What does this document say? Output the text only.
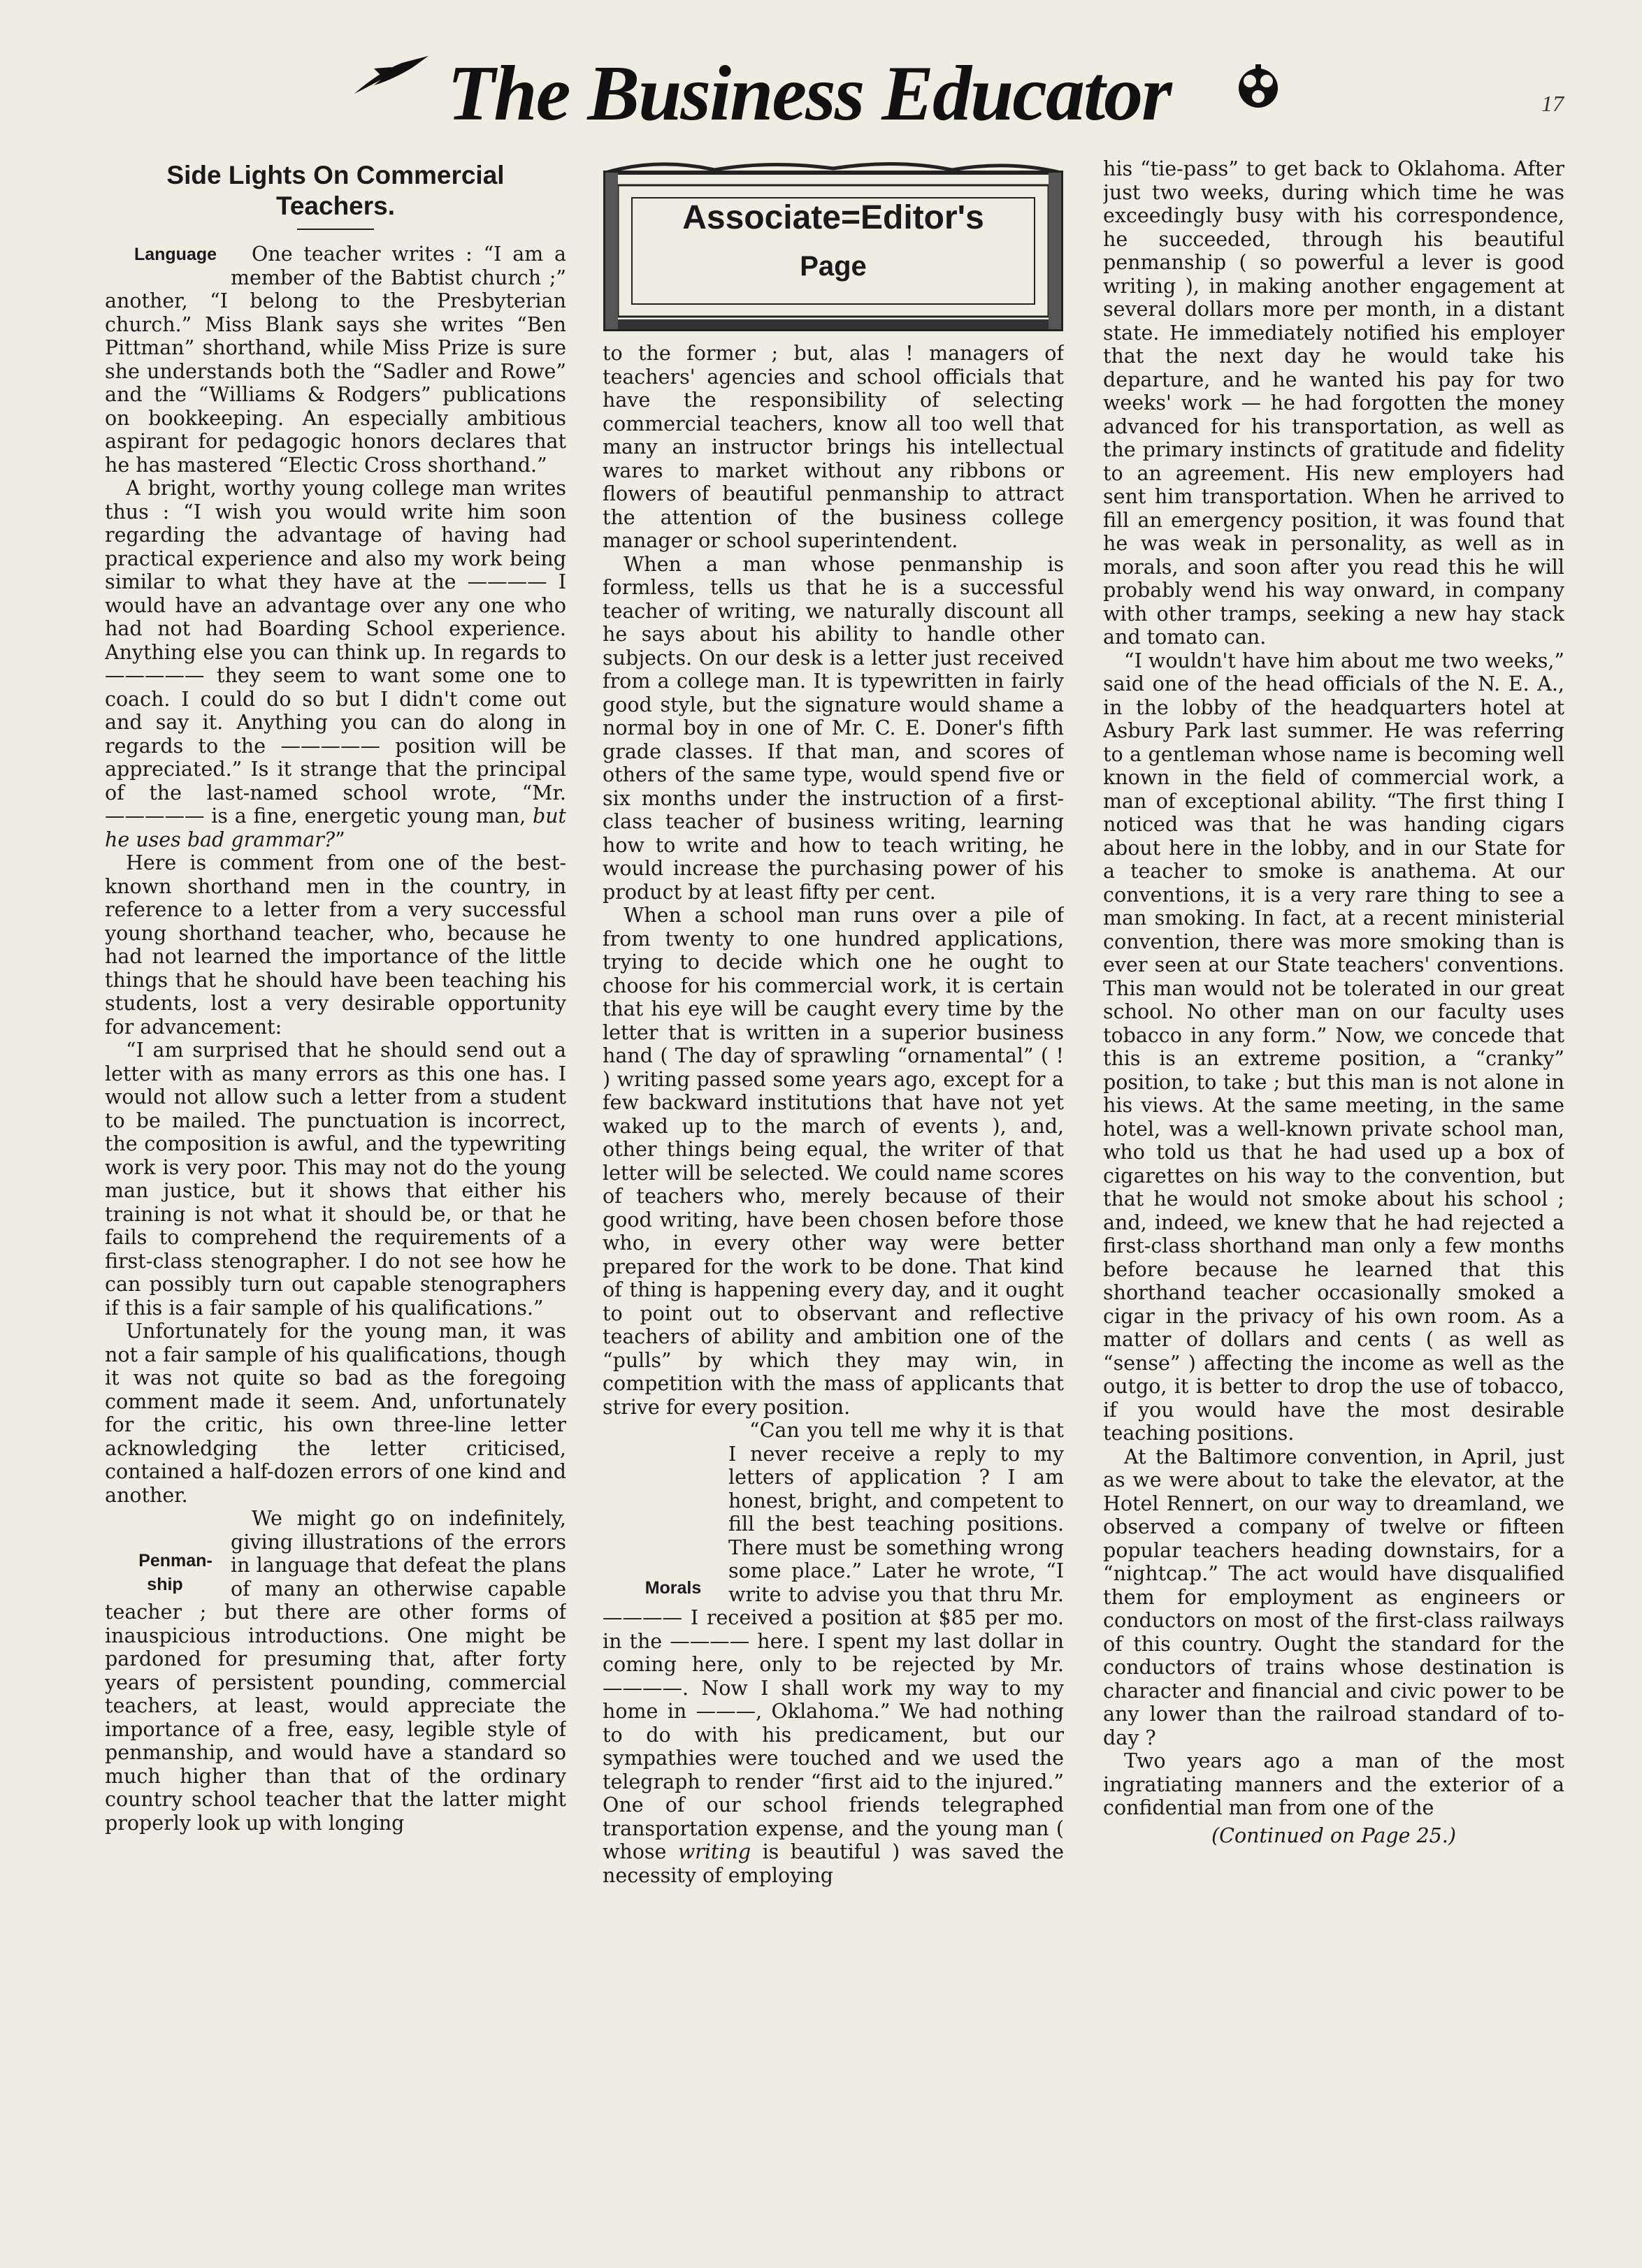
The Business Educator	17
Side Lights On Commercial Teachers.

Language	One teacher writes : “I am a member of the Babtist church ;” another, “I belong to the Presbyterian church.” Miss Blank says she writes “Ben Pittman” shorthand, while Miss Prize is sure she understands both the “Sadler and Rowe” and the “Williams & Rodgers” publications on bookkeeping. An especially ambitious aspirant for pedagogic honors declares that he has mastered “Electic Cross shorthand.”

A bright, worthy young college man writes thus : “I wish you would write him soon regarding the advantage of having had practical experience and also my work being similar to what they have at the ———— I would have an advantage over any one who had not had Boarding School experience. Anything else you can think up. In regards to ————— they seem to want some one to coach. I could do so but I didn't come out and say it. Anything you can do along in regards to the ————— position will be appreciated.” Is it strange that the principal of the last-named school wrote, “Mr. ————— is a fine, energetic young man, but he uses bad grammar?”

Here is comment from one of the best-known shorthand men in the country, in reference to a letter from a very successful young shorthand teacher, who, because he had not learned the importance of the little things that he should have been teaching his students, lost a very desirable opportunity for advancement:

“I am surprised that he should send out a letter with as many errors as this one has. I would not allow such a letter from a student to be mailed. The punctuation is incorrect, the composition is awful, and the typewriting work is very poor. This may not do the young man justice, but it shows that either his training is not what it should be, or that he fails to comprehend the requirements of a first-class stenographer. I do not see how he can possibly turn out capable stenographers if this is a fair sample of his qualifications.”

Unfortunately for the young man, it was not a fair sample of his qualifications, though it was not quite so bad as the foregoing comment made it seem. And, unfortunately for the critic, his own three-line letter acknowledging the letter criticised, contained a half-dozen errors of one kind and another.

Penman-ship
We might go on indefinitely, giving illustrations of the errors in language that defeat the plans of many an otherwise capable teacher ; but there are other forms of inauspicious introductions. One might be pardoned for presuming that, after forty years of persistent pounding, commercial teachers, at least, would appreciate the importance of a free, easy, legible style of penmanship, and would have a standard so much higher than that of the ordinary country school teacher that the latter might properly look up with longing

Associate=Editor's
Page

to the former ; but, alas ! managers of teachers' agencies and school officials that have the responsibility of selecting commercial teachers, know all too well that many an instructor brings his intellectual wares to market without any ribbons or flowers of beautiful penmanship to attract the attention of the business college manager or school superintendent.

When a man whose penmanship is formless, tells us that he is a successful teacher of writing, we naturally discount all he says about his ability to handle other subjects. On our desk is a letter just received from a college man. It is typewritten in fairly good style, but the signature would shame a normal boy in one of Mr. C. E. Doner's fifth grade classes. If that man, and scores of others of the same type, would spend five or six months under the instruction of a first-class teacher of business writing, learning how to write and how to teach writing, he would increase the purchasing power of his product by at least fifty per cent.

When a school man runs over a pile of from twenty to one hundred applications, trying to decide which one he ought to choose for his commercial work, it is certain that his eye will be caught every time by the letter that is written in a superior business hand ( The day of sprawling “ornamental” ( ! ) writing passed some years ago, except for a few backward institutions that have not yet waked up to the march of events ), and, other things being equal, the writer of that letter will be selected. We could name scores of teachers who, merely because of their good writing, have been chosen before those who, in every other way were better prepared for the work to be done. That kind of thing is happening every day, and it ought to point out to observant and reflective teachers of ability and ambition one of the “pulls” by which they may win, in competition with the mass of applicants that strive for every position.

Morals
“Can you tell me why it is that I never receive a reply to my letters of application ? I am honest, bright, and competent to fill the best teaching positions. There must be something wrong some place.” Later he wrote, “I write to advise you that thru Mr. ———— I received a position at $85 per mo. in the ———— here. I spent my last dollar in coming here, only to be rejected by Mr. ————. Now I shall work my way to my home in ———, Oklahoma.” We had nothing to do with his predicament, but our sympathies were touched and we used the telegraph to render “first aid to the injured.” One of our school friends telegraphed transportation expense, and the young man ( whose writing is beautiful ) was saved the necessity of employing

his “tie-pass” to get back to Oklahoma. After just two weeks, during which time he was exceedingly busy with his correspondence, he succeeded, through his beautiful penmanship ( so powerful a lever is good writing ), in making another engagement at several dollars more per month, in a distant state. He immediately notified his employer that the next day he would take his departure, and he wanted his pay for two weeks' work — he had forgotten the money advanced for his transportation, as well as the primary instincts of gratitude and fidelity to an agreement. His new employers had sent him transportation. When he arrived to fill an emergency position, it was found that he was weak in personality, as well as in morals, and soon after you read this he will probably wend his way onward, in company with other tramps, seeking a new hay stack and tomato can.

“I wouldn't have him about me two weeks,” said one of the head officials of the N. E. A., in the lobby of the headquarters hotel at Asbury Park last summer. He was referring to a gentleman whose name is becoming well known in the field of commercial work, a man of exceptional ability. “The first thing I noticed was that he was handing cigars about here in the lobby, and in our State for a teacher to smoke is anathema. At our conventions, it is a very rare thing to see a man smoking. In fact, at a recent ministerial convention, there was more smoking than is ever seen at our State teachers' conventions. This man would not be tolerated in our great school. No other man on our faculty uses tobacco in any form.” Now, we concede that this is an extreme position, a “cranky” position, to take ; but this man is not alone in his views. At the same meeting, in the same hotel, was a well-known private school man, who told us that he had used up a box of cigarettes on his way to the convention, but that he would not smoke about his school ; and, indeed, we knew that he had rejected a first-class shorthand man only a few months before because he learned that this shorthand teacher occasionally smoked a cigar in the privacy of his own room. As a matter of dollars and cents ( as well as “sense” ) affecting the income as well as the outgo, it is better to drop the use of tobacco, if you would have the most desirable teaching positions.

At the Baltimore convention, in April, just as we were about to take the elevator, at the Hotel Rennert, on our way to dreamland, we observed a company of twelve or fifteen popular teachers heading downstairs, for a “nightcap.” The act would have disqualified them for employment as engineers or conductors on most of the first-class railways of this country. Ought the standard for the conductors of trains whose destination is character and financial and civic power to be any lower than the railroad standard of to-day ?

Two years ago a man of the most ingratiating manners and the exterior of a confidential man from one of the

(Continued on Page 25.)
